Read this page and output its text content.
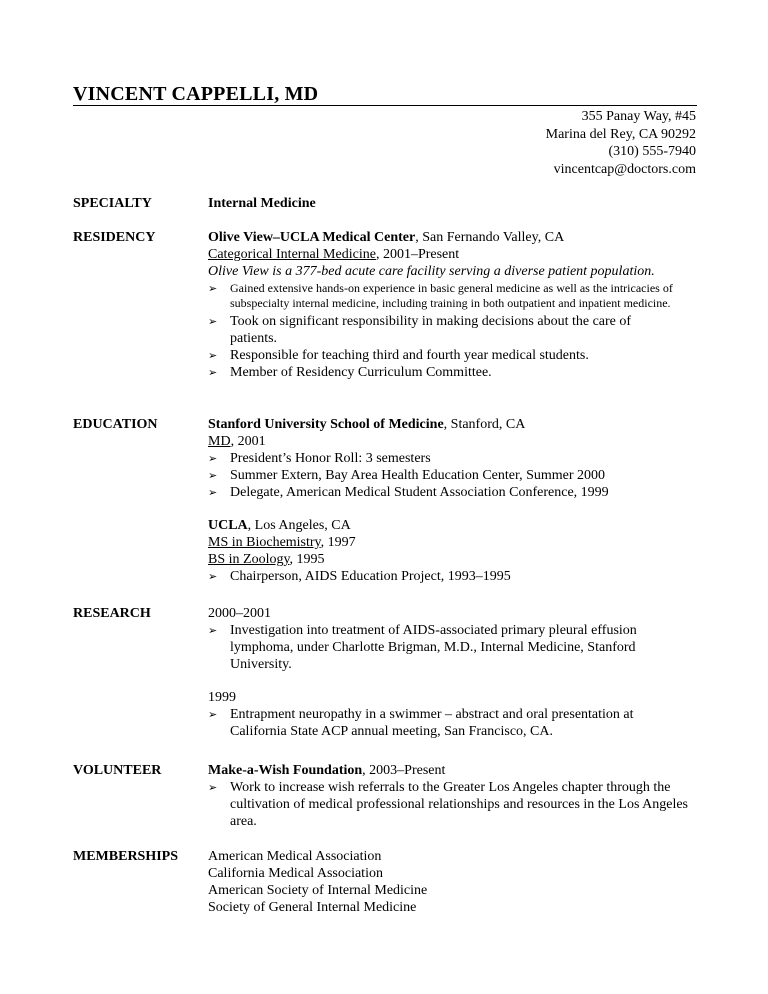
VINCENT CAPPELLI, MD
355 Panay Way, #45
Marina del Rey, CA 90292
(310) 555-7940
vincentcap@doctors.com
SPECIALTY	Internal Medicine
RESIDENCY	Olive View–UCLA Medical Center, San Fernando Valley, CA
Categorical Internal Medicine, 2001–Present
Olive View is a 377-bed acute care facility serving a diverse patient population.
➢ Gained extensive hands-on experience in basic general medicine as well as the intricacies of subspecialty internal medicine, including training in both outpatient and inpatient medicine.
➢ Took on significant responsibility in making decisions about the care of patients.
➢ Responsible for teaching third and fourth year medical students.
➢ Member of Residency Curriculum Committee.
EDUCATION	Stanford University School of Medicine, Stanford, CA
MD, 2001
➢ President’s Honor Roll: 3 semesters
➢ Summer Extern, Bay Area Health Education Center, Summer 2000
➢ Delegate, American Medical Student Association Conference, 1999
UCLA, Los Angeles, CA
MS in Biochemistry, 1997
BS in Zoology, 1995
➢ Chairperson, AIDS Education Project, 1993–1995
RESEARCH	2000–2001
➢ Investigation into treatment of AIDS-associated primary pleural effusion lymphoma, under Charlotte Brigman, M.D., Internal Medicine, Stanford University.
1999
➢ Entrapment neuropathy in a swimmer – abstract and oral presentation at California State ACP annual meeting, San Francisco, CA.
VOLUNTEER	Make-a-Wish Foundation, 2003–Present
➢ Work to increase wish referrals to the Greater Los Angeles chapter through the cultivation of medical professional relationships and resources in the Los Angeles area.
MEMBERSHIPS American Medical Association
California Medical Association
American Society of Internal Medicine
Society of General Internal Medicine
